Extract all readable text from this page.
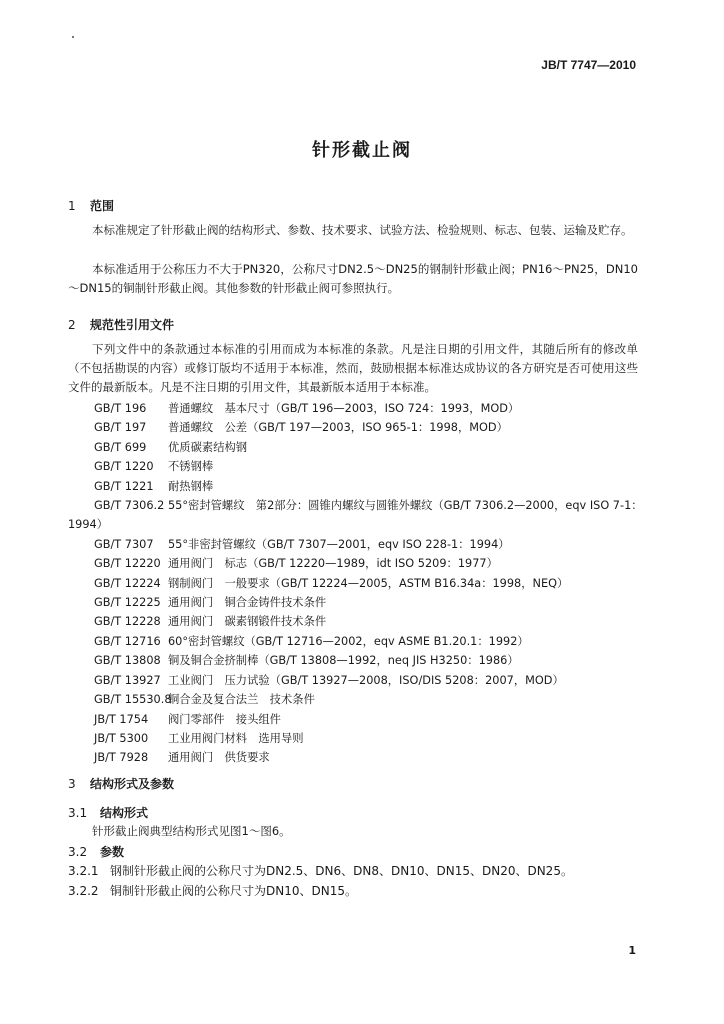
JB/T 7747—2010
针形截止阀
1 范围
本标准规定了针形截止阀的结构形式、参数、技术要求、试验方法、检验规则、标志、包装、运输及贮存。
本标准适用于公称压力不大于PN320，公称尺寸DN2.5～DN25的钢制针形截止阀；PN16～PN25，DN10～DN15的铜制针形截止阀。其他参数的针形截止阀可参照执行。
2 规范性引用文件
下列文件中的条款通过本标准的引用而成为本标准的条款。凡是注日期的引用文件，其随后所有的修改单（不包括勘误的内容）或修订版均不适用于本标准，然而，鼓励根据本标准达成协议的各方研究是否可使用这些文件的最新版本。凡是不注日期的引用文件，其最新版本适用于本标准。
GB/T 196 普通螺纹　基本尺寸（GB/T 196—2003，ISO 724：1993，MOD）
GB/T 197 普通螺纹　公差（GB/T 197—2003，ISO 965-1：1998，MOD）
GB/T 699 优质碳素结构钢
GB/T 1220 不锈钢棒
GB/T 1221 耐热钢棒
GB/T 7306.2 55°密封管螺纹　第2部分：圆锥内螺纹与圆锥外螺纹（GB/T 7306.2—2000，eqv ISO 7-1：1994）
GB/T 7307 55°非密封管螺纹（GB/T 7307—2001，eqv ISO 228-1：1994）
GB/T 12220 通用阀门　标志（GB/T 12220—1989，idt ISO 5209：1977）
GB/T 12224 钢制阀门　一般要求（GB/T 12224—2005，ASTM B16.34a：1998，NEQ）
GB/T 12225 通用阀门　铜合金铸件技术条件
GB/T 12228 通用阀门　碳素钢锻件技术条件
GB/T 12716 60°密封管螺纹（GB/T 12716—2002，eqv ASME B1.20.1：1992）
GB/T 13808 铜及铜合金挤制棒（GB/T 13808—1992，neq JIS H3250：1986）
GB/T 13927 工业阀门　压力试验（GB/T 13927—2008，ISO/DIS 5208：2007，MOD）
GB/T 15530.8铜合金及复合法兰　技术条件
JB/T 1754 阀门零部件　接头组件
JB/T 5300 工业用阀门材料　选用导则
JB/T 7928 通用阀门　供货要求
3 结构形式及参数
3.1 结构形式
针形截止阀典型结构形式见图1～图6。
3.2 参数
3.2.1 钢制针形截止阀的公称尺寸为DN2.5、DN6、DN8、DN10、DN15、DN20、DN25。
3.2.2 铜制针形截止阀的公称尺寸为DN10、DN15。
1
